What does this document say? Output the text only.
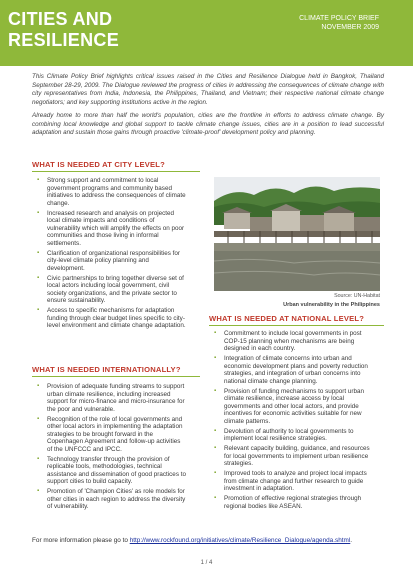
CITIES AND
RESILIENCE
CLIMATE POLICY BRIEF
NOVEMBER 2009

This Climate Policy Brief highlights critical issues raised in the Cities and Resilience Dialogue held in Bangkok, Thailand September 28-29, 2009. The Dialogue reviewed the progress of cities in addressing the consequences of climate change with city representatives from India, Indonesia, the Philippines, Thailand, and Vietnam; their respective national climate change negotiators; and key supporting institutions active in the region.

Already home to more than half the world's population, cities are the frontline in efforts to address climate change. By combining local knowledge and global support to tackle climate change issues, cities are in a position to lead successful adaptation and sustain those gains through proactive 'climate-proof' development policy and planning.

WHAT IS NEEDED AT CITY LEVEL?
▪ Strong support and commitment to local government programs and community based initiatives to address the consequences of climate change.
▪ Increased research and analysis on projected local climate impacts and conditions of vulnerability which will amplify the effects on poor communities and those living in informal settlements.
▪ Clarification of organizational responsibilities for city-level climate policy planning and development.
▪ Civic partnerships to bring together diverse set of local actors including local government, civil society organizations, and the private sector to ensure sustainability.
▪ Access to specific mechanisms for adaptation funding through clear budget lines specific to city-level environment and climate change adaptation.
WHAT IS NEEDED INTERNATIONALLY?
▪ Provision of adequate funding streams to support urban climate resilience, including increased support for micro-finance and micro-insurance for the poor and vulnerable.
▪ Recognition of the role of local governments and other local actors in implementing the adaptation strategies to be brought forward in the Copenhagen Agreement and follow-up activities of the UNFCCC and IPCC.
▪ Technology transfer through the provision of replicable tools, methodologies, technical assistance and dissemination of good practices to support cities to build capacity.
▪ Promotion of 'Champion Cities' as role models for other cities in each region to address the diversity of vulnerability.
Source: UN-Habitat
Urban vulnerability in the Philippines
WHAT IS NEEDED AT NATIONAL LEVEL?
▪ Commitment to include local governments in post COP-15 planning when mechanisms are being designed in each country.
▪ Integration of climate concerns into urban and economic development plans and poverty reduction strategies, and integration of urban concerns into national climate change planning.
▪ Provision of funding mechanisms to support urban climate resilience, increase access by local governments and other local actors, and provide incentives for economic activities suitable for new climate patterns.
▪ Devolution of authority to local governments to implement local resilience strategies.
▪ Relevant capacity building, guidance, and resources for local governments to implement urban resilience strategies.
▪ Improved tools to analyze and project local impacts from climate change and further research to guide investment in adaptation.
▪ Promotion of effective regional strategies through regional bodies like ASEAN.
For more information please go to http://www.rockfound.org/initiatives/climate/Resilience_Dialogue/agenda.shtml.
1 / 4
